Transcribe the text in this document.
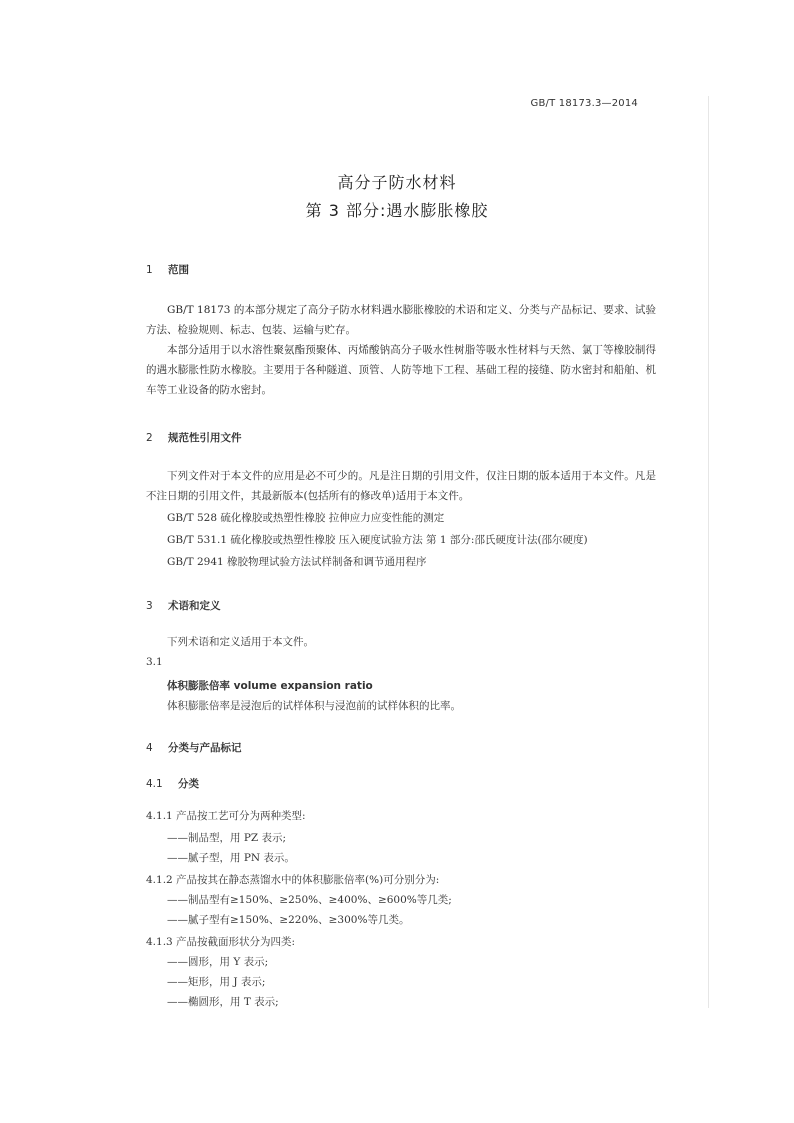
GB/T 18173.3—2014
高分子防水材料
第 3 部分:遇水膨胀橡胶
1 范围

GB/T 18173 的本部分规定了高分子防水材料遇水膨胀橡胶的术语和定义、分类与产品标记、要求、试验方法、检验规则、标志、包装、运输与贮存。

本部分适用于以水溶性聚氨酯预聚体、丙烯酸钠高分子吸水性树脂等吸水性材料与天然、氯丁等橡胶制得的遇水膨胀性防水橡胶。主要用于各种隧道、顶管、人防等地下工程、基础工程的接缝、防水密封和船舶、机车等工业设备的防水密封。

2 规范性引用文件

下列文件对于本文件的应用是必不可少的。凡是注日期的引用文件，仅注日期的版本适用于本文件。凡是不注日期的引用文件，其最新版本(包括所有的修改单)适用于本文件。

GB/T 528 硫化橡胶或热塑性橡胶 拉伸应力应变性能的测定
GB/T 531.1 硫化橡胶或热塑性橡胶 压入硬度试验方法 第 1 部分:邵氏硬度计法(邵尔硬度)
GB/T 2941 橡胶物理试验方法试样制备和调节通用程序
3 术语和定义
下列术语和定义适用于本文件。
3.1
体积膨胀倍率 volume expansion ratio
体积膨胀倍率是浸泡后的试样体积与浸泡前的试样体积的比率。
4 分类与产品标记
4.1 分类
4.1.1 产品按工艺可分为两种类型:
——制品型，用 PZ 表示;
——腻子型，用 PN 表示。
4.1.2 产品按其在静态蒸馏水中的体积膨胀倍率(%)可分别分为:
——制品型有≥150%、≥250%、≥400%、≥600%等几类;
——腻子型有≥150%、≥220%、≥300%等几类。
4.1.3 产品按截面形状分为四类:
——圆形，用 Y 表示;
——矩形，用 J 表示;
——椭圆形，用 T 表示;
